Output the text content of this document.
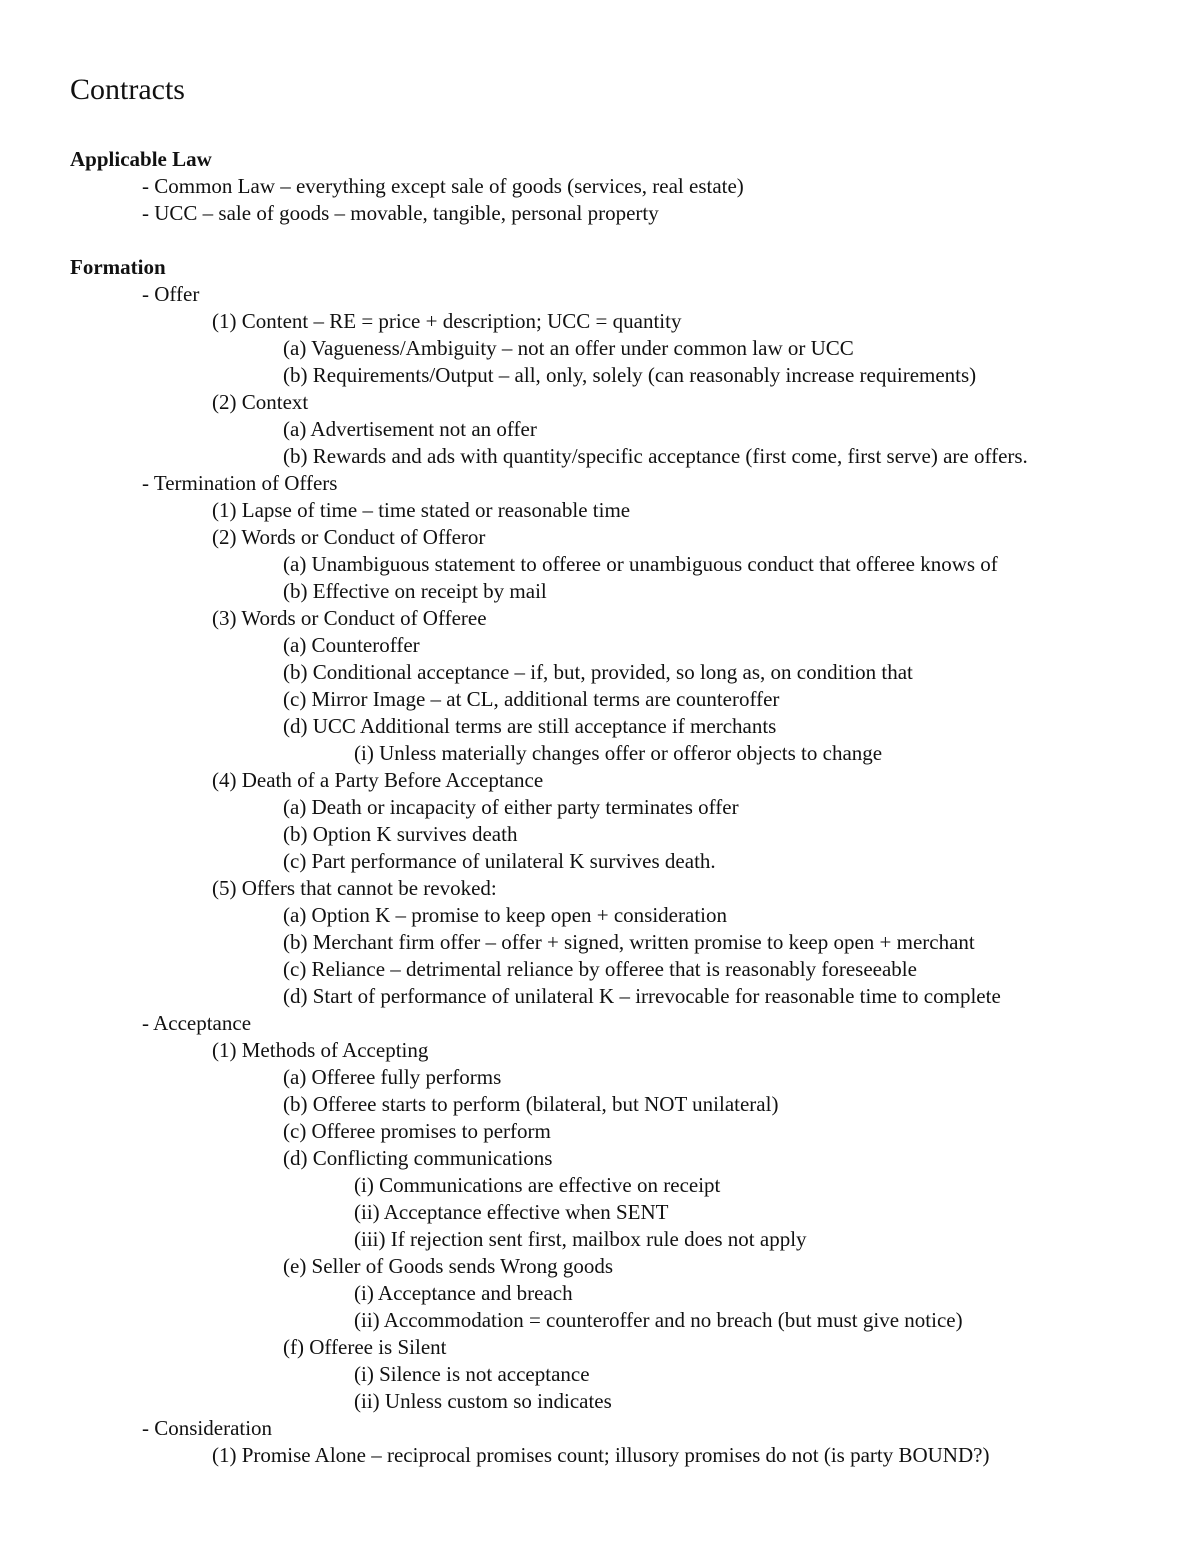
Contracts
Applicable Law
- Common Law – everything except sale of goods (services, real estate)
- UCC – sale of goods – movable, tangible, personal property
Formation
- Offer
(1) Content – RE = price + description; UCC = quantity
(a) Vagueness/Ambiguity – not an offer under common law or UCC
(b) Requirements/Output – all, only, solely (can reasonably increase requirements)
(2) Context
(a) Advertisement not an offer
(b) Rewards and ads with quantity/specific acceptance (first come, first serve) are offers.
- Termination of Offers
(1) Lapse of time – time stated or reasonable time
(2) Words or Conduct of Offeror
(a) Unambiguous statement to offeree or unambiguous conduct that offeree knows of
(b) Effective on receipt by mail
(3) Words or Conduct of Offeree
(a) Counteroffer
(b) Conditional acceptance – if, but, provided, so long as, on condition that
(c) Mirror Image – at CL, additional terms are counteroffer
(d) UCC Additional terms are still acceptance if merchants
(i) Unless materially changes offer or offeror objects to change
(4) Death of a Party Before Acceptance
(a) Death or incapacity of either party terminates offer
(b) Option K survives death
(c) Part performance of unilateral K survives death.
(5) Offers that cannot be revoked:
(a) Option K – promise to keep open + consideration
(b) Merchant firm offer – offer + signed, written promise to keep open + merchant
(c) Reliance – detrimental reliance by offeree that is reasonably foreseeable
(d) Start of performance of unilateral K – irrevocable for reasonable time to complete
- Acceptance
(1) Methods of Accepting
(a) Offeree fully performs
(b) Offeree starts to perform (bilateral, but NOT unilateral)
(c) Offeree promises to perform
(d) Conflicting communications
(i) Communications are effective on receipt
(ii) Acceptance effective when SENT
(iii) If rejection sent first, mailbox rule does not apply
(e) Seller of Goods sends Wrong goods
(i) Acceptance and breach
(ii) Accommodation = counteroffer and no breach (but must give notice)
(f) Offeree is Silent
(i) Silence is not acceptance
(ii) Unless custom so indicates
- Consideration
(1) Promise Alone – reciprocal promises count; illusory promises do not (is party BOUND?)
